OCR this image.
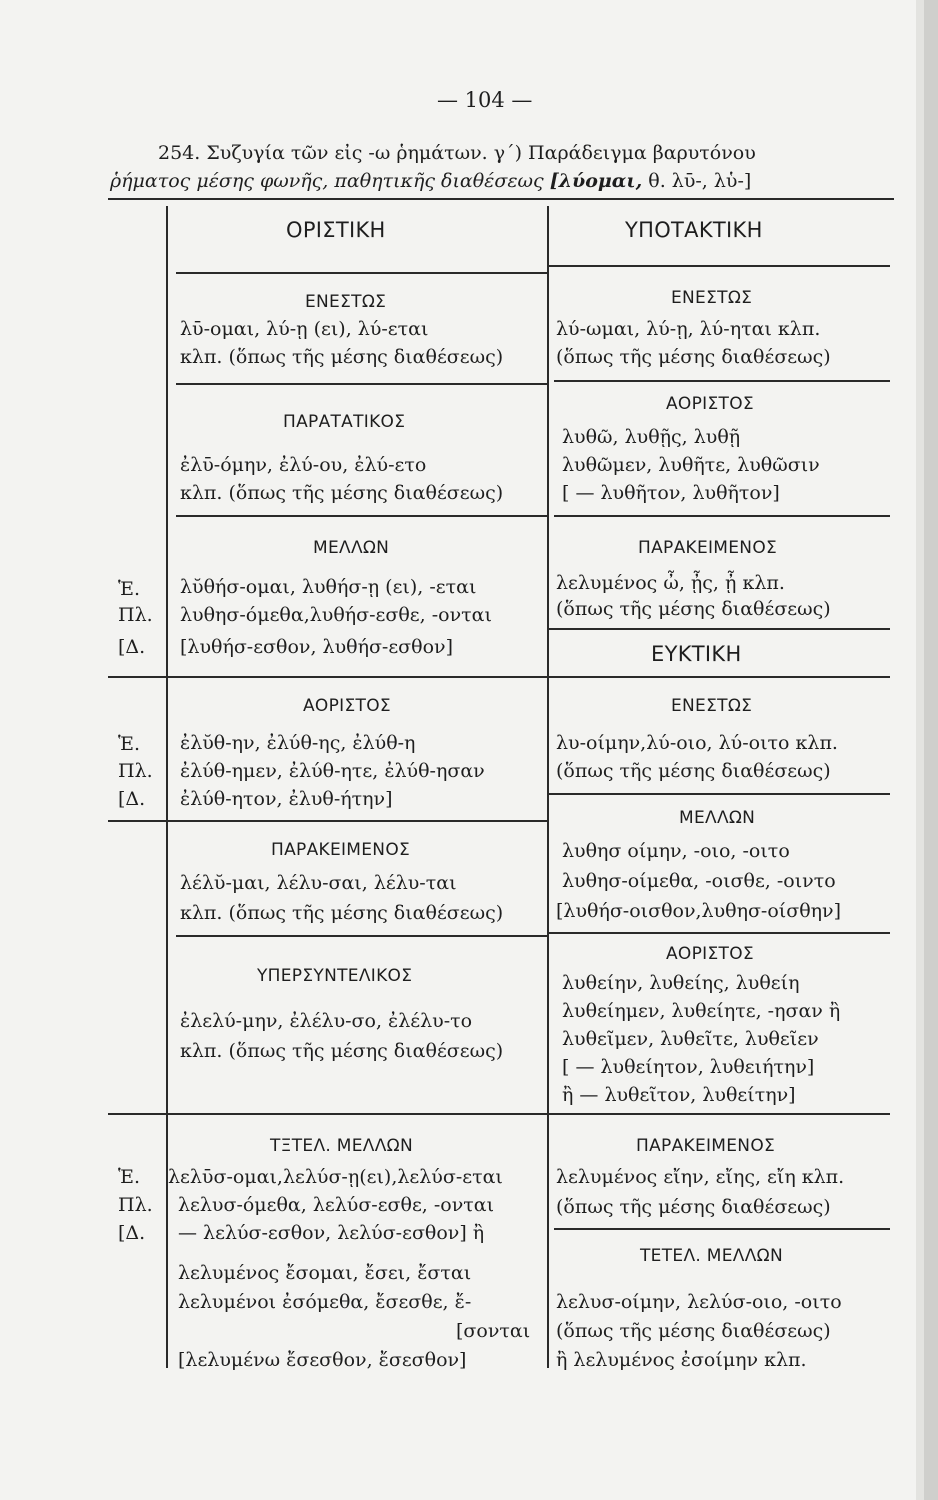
— 104 —
254. Συζυγία τῶν εἰς -ω ῥημάτων. γ΄) Παράδειγμα βαρυτόνου
ῥήματος μέσης φωνῆς, παθητικῆς διαθέσεως [λύομαι, θ. λῡ-, λὑ-]
Ἑ.
Πλ.
[Δ.
Ἑ.
Πλ.
[Δ.
Ἑ.
Πλ.
[Δ.
ΟΡΙΣΤΙΚΗ
ΕΝΕΣΤΩΣ
λῡ-ομαι, λύ-ῃ (ει), λύ-εται
κλπ. (ὅπως τῆς μέσης διαθέσεως)
ΠΑΡΑΤΑΤΙΚΟΣ
ἐλῡ-όμην, ἐλύ-ου, ἐλύ-ετο
κλπ. (ὅπως τῆς μέσης διαθέσεως)
ΜΕΛΛΩΝ
λῠθήσ-ομαι, λυθήσ-ῃ (ει), -εται
λυθησ-όμεθα,λυθήσ-εσθε, -ονται
[λυθήσ-εσθον, λυθήσ-εσθον]
ΑΟΡΙΣΤΟΣ
ἐλῠθ-ην, ἐλύθ-ης, ἐλύθ-η
ἐλύθ-ημεν, ἐλύθ-ητε, ἐλύθ-ησαν
ἐλύθ-ητον, ἐλυθ-ήτην]
ΠΑΡΑΚΕΙΜΕΝΟΣ
λέλῠ-μαι, λέλυ-σαι, λέλυ-ται
κλπ. (ὅπως τῆς μέσης διαθέσεως)
ΥΠΕΡΣΥΝΤΕΛΙΚΟΣ
ἐλελύ-μην, ἐλέλυ-σο, ἐλέλυ-το
κλπ. (ὅπως τῆς μέσης διαθέσεως)
ΤΞΤΕΛ. ΜΕΛΛΩΝ
λελῡσ-ομαι,λελύσ-ῃ(ει),λελύσ-εται
λελυσ-όμεθα, λελύσ-εσθε, -ονται
— λελύσ-εσθον, λελύσ-εσθον] ἢ
λελυμένος ἔσομαι, ἔσει, ἔσται
λελυμένοι ἐσόμεθα, ἔσεσθε, ἔ-
[σονται
[λελυμένω ἔσεσθον, ἔσεσθον]
ΥΠΟΤΑΚΤΙΚΗ
ΕΝΕΣΤΩΣ
λύ-ωμαι, λύ-ῃ, λύ-ηται κλπ.
(ὅπως τῆς μέσης διαθέσεως)
ΑΟΡΙΣΤΟΣ
λυθῶ, λυθῇς, λυθῇ
λυθῶμεν, λυθῆτε, λυθῶσιν
[ — λυθῆτον, λυθῆτον]
ΠΑΡΑΚΕΙΜΕΝΟΣ
λελυμένος ὦ, ᾖς, ᾖ κλπ.
(ὅπως τῆς μέσης διαθέσεως)
ΕΥΚΤΙΚΗ
ΕΝΕΣΤΩΣ
λυ-οίμην,λύ-οιο, λύ-οιτο κλπ.
(ὅπως τῆς μέσης διαθέσεως)
ΜΕΛΛΩΝ
λυθησ οίμην, -οιο, -οιτο
λυθησ-οίμεθα, -οισθε, -οιντο
[λυθήσ-οισθον,λυθησ-οίσθην]
ΑΟΡΙΣΤΟΣ
λυθείην, λυθείης, λυθείη
λυθείημεν, λυθείητε, -ησαν ἢ
λυθεῖμεν, λυθεῖτε, λυθεῖεν
[ — λυθείητον, λυθειήτην]
ἢ — λυθεῖτον, λυθείτην]
ΠΑΡΑΚΕΙΜΕΝΟΣ
λελυμένος εἴην, εἴης, εἴη κλπ.
(ὅπως τῆς μέσης διαθέσεως)
ΤΕΤΕΛ. ΜΕΛΛΩΝ
λελυσ-οίμην, λελύσ-οιο, -οιτο
(ὅπως τῆς μέσης διαθέσεως)
ἢ λελυμένος ἐσοίμην κλπ.
